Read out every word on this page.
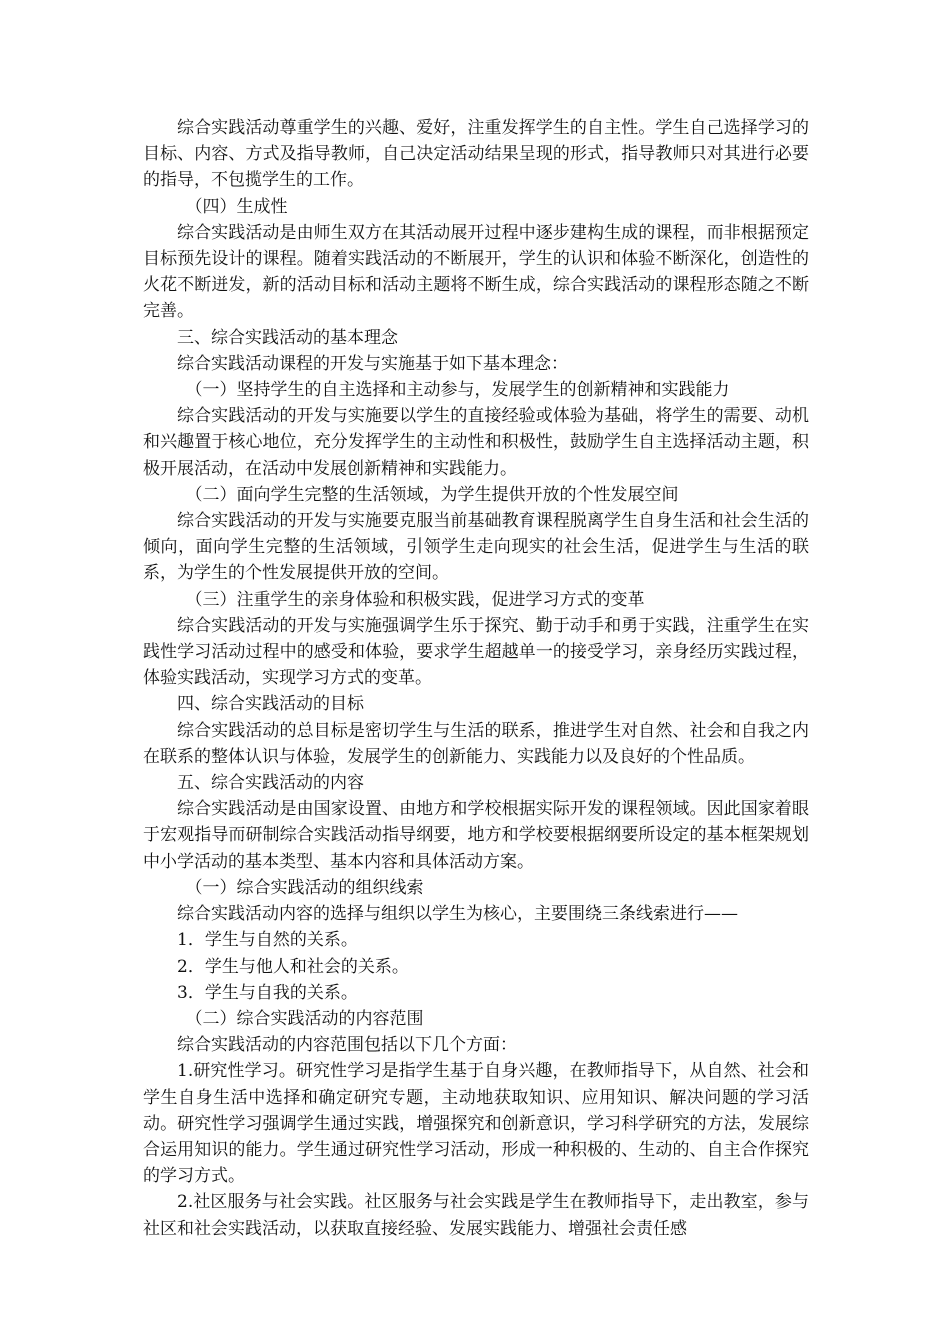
综合实践活动尊重学生的兴趣、爱好，注重发挥学生的自主性。学生自己选择学习的目标、内容、方式及指导教师，自己决定活动结果呈现的形式，指导教师只对其进行必要的指导，不包揽学生的工作。

（四）生成性

综合实践活动是由师生双方在其活动展开过程中逐步建构生成的课程，而非根据预定目标预先设计的课程。随着实践活动的不断展开，学生的认识和体验不断深化，创造性的火花不断迸发，新的活动目标和活动主题将不断生成，综合实践活动的课程形态随之不断完善。

三、综合实践活动的基本理念

综合实践活动课程的开发与实施基于如下基本理念：

（一）坚持学生的自主选择和主动参与，发展学生的创新精神和实践能力

综合实践活动的开发与实施要以学生的直接经验或体验为基础，将学生的需要、动机和兴趣置于核心地位，充分发挥学生的主动性和积极性，鼓励学生自主选择活动主题，积极开展活动，在活动中发展创新精神和实践能力。

（二）面向学生完整的生活领域，为学生提供开放的个性发展空间

综合实践活动的开发与实施要克服当前基础教育课程脱离学生自身生活和社会生活的倾向，面向学生完整的生活领域，引领学生走向现实的社会生活，促进学生与生活的联系，为学生的个性发展提供开放的空间。

（三）注重学生的亲身体验和积极实践，促进学习方式的变革

综合实践活动的开发与实施强调学生乐于探究、勤于动手和勇于实践，注重学生在实践性学习活动过程中的感受和体验，要求学生超越单一的接受学习，亲身经历实践过程，体验实践活动，实现学习方式的变革。

四、综合实践活动的目标

综合实践活动的总目标是密切学生与生活的联系，推进学生对自然、社会和自我之内在联系的整体认识与体验，发展学生的创新能力、实践能力以及良好的个性品质。

五、综合实践活动的内容

综合实践活动是由国家设置、由地方和学校根据实际开发的课程领域。因此国家着眼于宏观指导而研制综合实践活动指导纲要，地方和学校要根据纲要所设定的基本框架规划中小学活动的基本类型、基本内容和具体活动方案。

（一）综合实践活动的组织线索

综合实践活动内容的选择与组织以学生为核心，主要围绕三条线索进行——

1．学生与自然的关系。

2．学生与他人和社会的关系。

3．学生与自我的关系。

（二）综合实践活动的内容范围

综合实践活动的内容范围包括以下几个方面：

1.研究性学习。研究性学习是指学生基于自身兴趣，在教师指导下，从自然、社会和学生自身生活中选择和确定研究专题，主动地获取知识、应用知识、解决问题的学习活动。研究性学习强调学生通过实践，增强探究和创新意识，学习科学研究的方法，发展综合运用知识的能力。学生通过研究性学习活动，形成一种积极的、生动的、自主合作探究的学习方式。

2.社区服务与社会实践。社区服务与社会实践是学生在教师指导下，走出教室，参与社区和社会实践活动，以获取直接经验、发展实践能力、增强社会责任感
